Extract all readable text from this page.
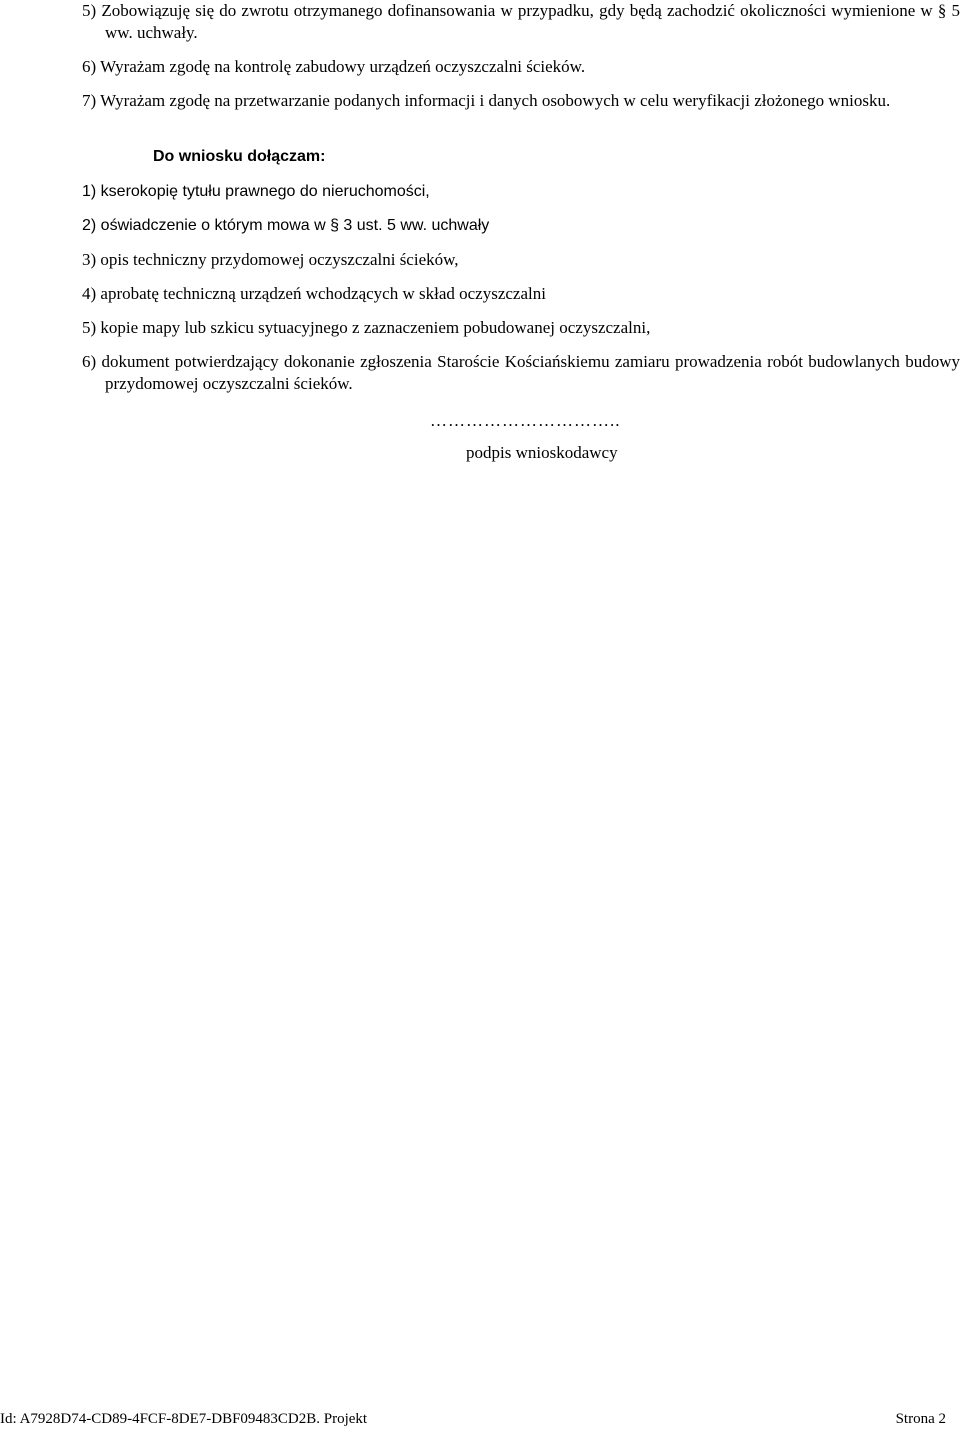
5) Zobowiązuję się do zwrotu otrzymanego dofinansowania w przypadku, gdy będą zachodzić okoliczności wymienione w § 5 ww. uchwały.

6) Wyrażam zgodę na kontrolę zabudowy urządzeń oczyszczalni ścieków.

7) Wyrażam zgodę na przetwarzanie podanych informacji i danych osobowych w celu weryfikacji złożonego wniosku.

Do wniosku dołączam:

1) kserokopię tytułu prawnego do nieruchomości,

2) oświadczenie o którym mowa w § 3 ust. 5 ww. uchwały

3) opis techniczny przydomowej oczyszczalni ścieków,

4) aprobatę techniczną urządzeń wchodzących w skład oczyszczalni

5) kopie mapy lub szkicu sytuacyjnego z zaznaczeniem pobudowanej oczyszczalni,

6) dokument potwierdzający dokonanie zgłoszenia Staroście Kościańskiemu zamiaru prowadzenia robót budowlanych budowy przydomowej oczyszczalni ścieków.

…………………………..
podpis wnioskodawcy
Id: A7928D74-CD89-4FCF-8DE7-DBF09483CD2B. Projekt	Strona 2
